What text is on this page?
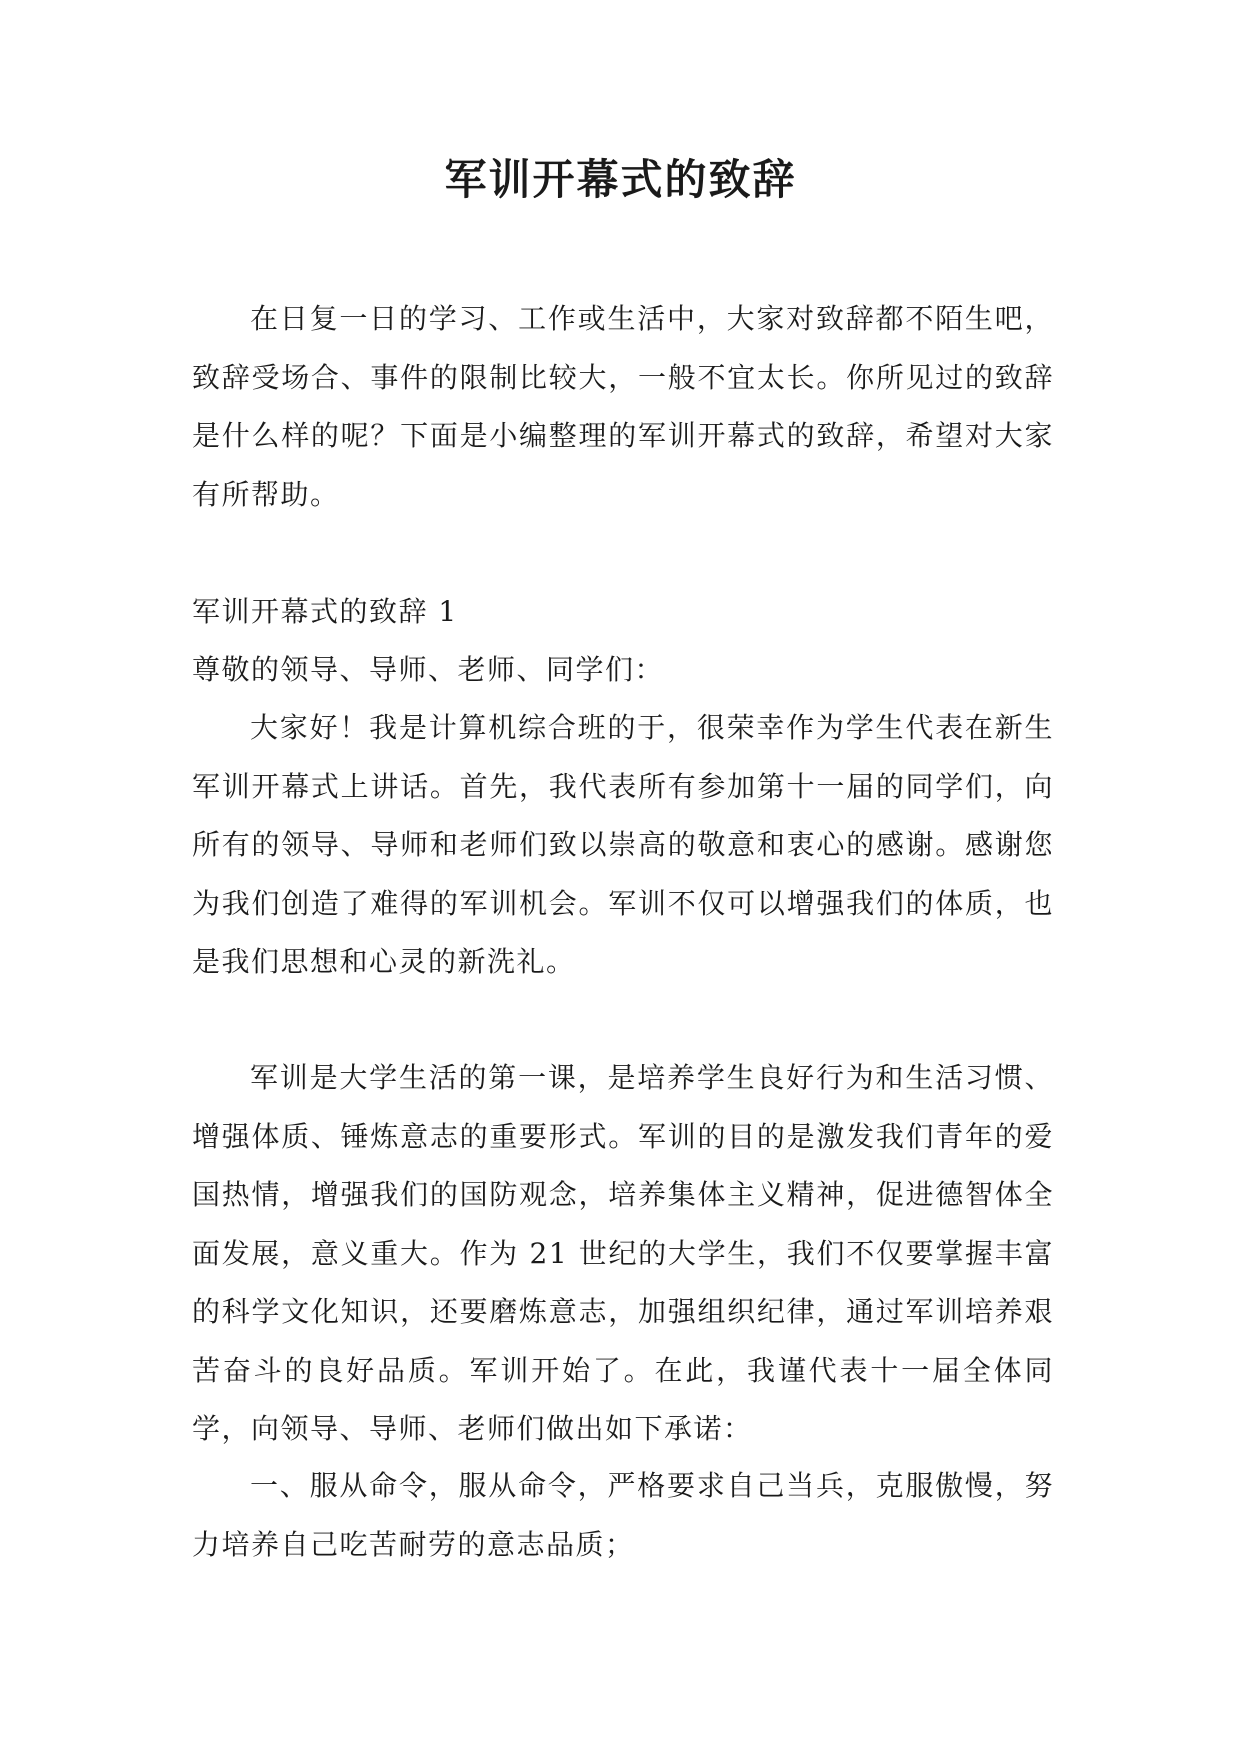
军训开幕式的致辞

在日复一日的学习、工作或生活中，大家对致辞都不陌生吧，致辞受场合、事件的限制比较大，一般不宜太长。你所见过的致辞是什么样的呢？下面是小编整理的军训开幕式的致辞，希望对大家有所帮助。

军训开幕式的致辞 1

尊敬的领导、导师、老师、同学们：

大家好！我是计算机综合班的于，很荣幸作为学生代表在新生军训开幕式上讲话。首先，我代表所有参加第十一届的同学们，向所有的领导、导师和老师们致以崇高的敬意和衷心的感谢。感谢您为我们创造了难得的军训机会。军训不仅可以增强我们的体质，也是我们思想和心灵的新洗礼。

军训是大学生活的第一课，是培养学生良好行为和生活习惯、增强体质、锤炼意志的重要形式。军训的目的是激发我们青年的爱国热情，增强我们的国防观念，培养集体主义精神，促进德智体全面发展，意义重大。作为 21 世纪的大学生，我们不仅要掌握丰富的科学文化知识，还要磨炼意志，加强组织纪律，通过军训培养艰苦奋斗的良好品质。军训开始了。在此，我谨代表十一届全体同学，向领导、导师、老师们做出如下承诺：

一、服从命令，服从命令，严格要求自己当兵，克服傲慢，努力培养自己吃苦耐劳的意志品质；
